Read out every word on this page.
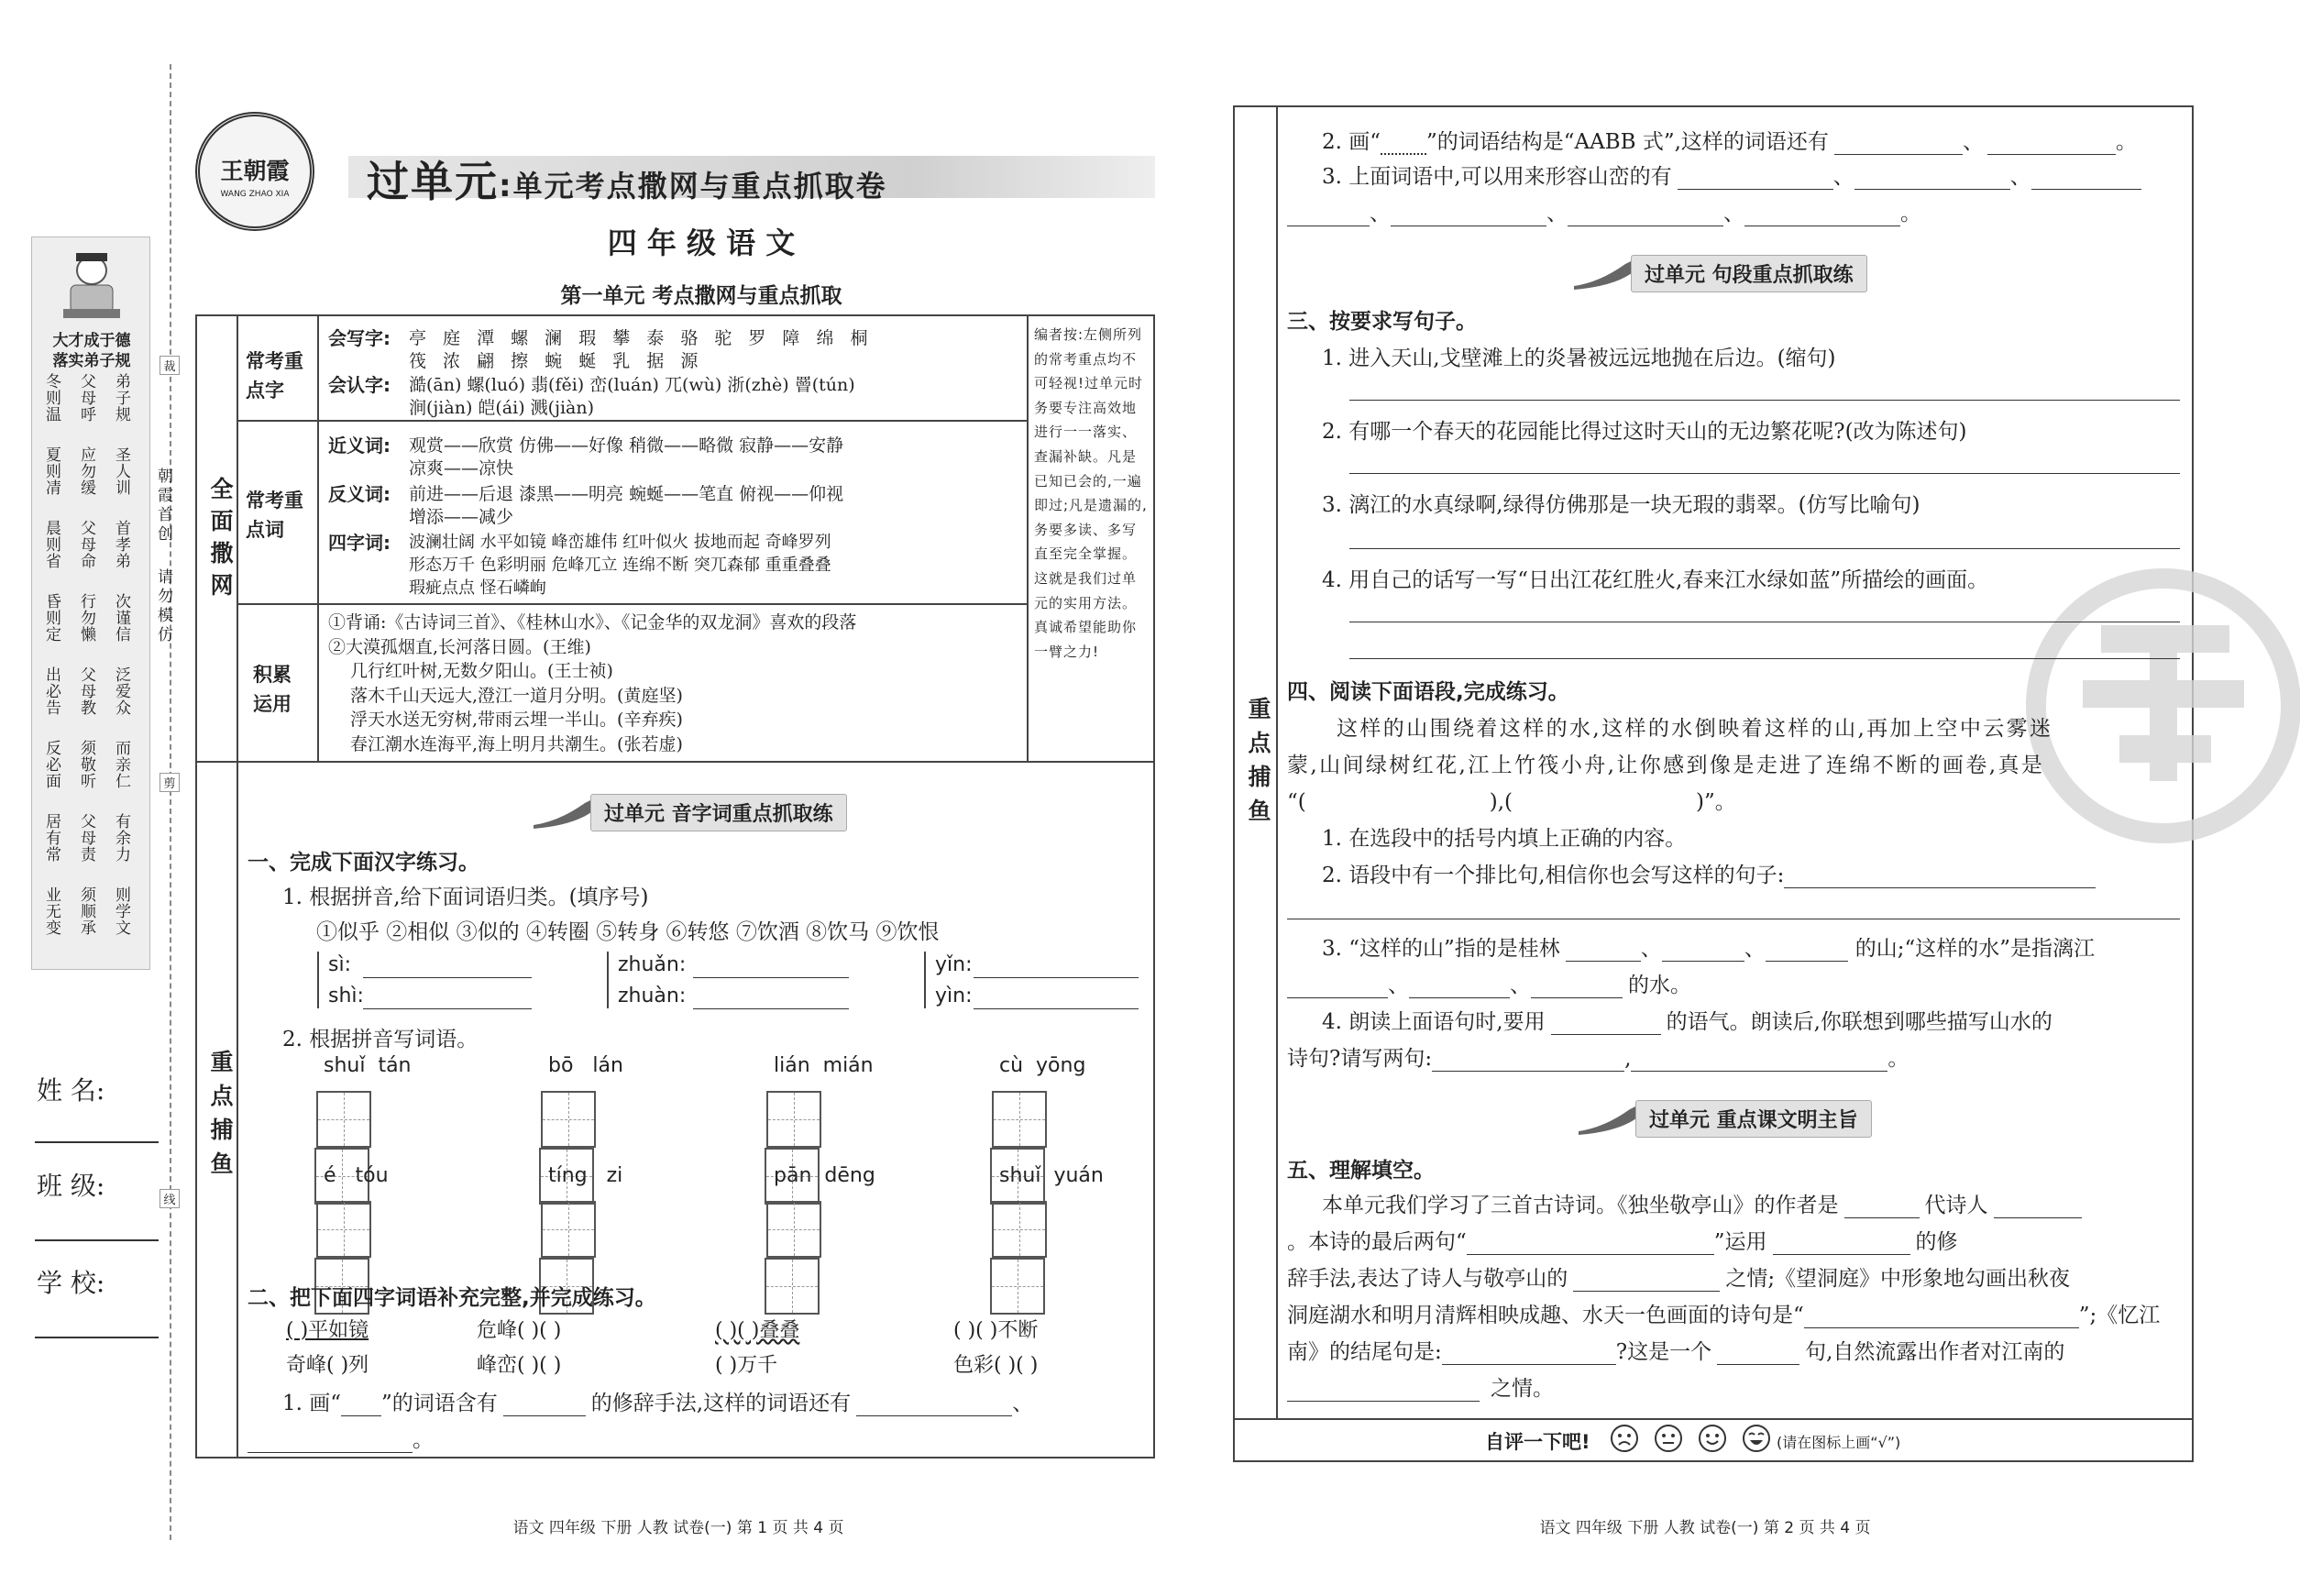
大才成于德
落实弟子规
冬则温 父母呼 弟子规
夏则凊 应勿缓 圣人训
晨则省 父母命 首孝弟
昏则定 行勿懒 次谨信
出必告 父母教 泛爱众
反必面 须敬听 而亲仁
居有常 父母责 有余力
业无变 须顺承 则学文
朝霞首创
请勿模仿
裁
剪
线
姓 名:
班 级:
学 校:
王朝霞
WANG ZHAO XIA	过单元:单元考点撒网与重点抓取卷
四 年 级 语 文
第一单元 考点撒网与重点抓取
全面撒网
重点捕鱼
常考重点字
会写字: 亭 庭 潭 螺 澜 瑕 攀 泰 骆 驼 罗 障 绵 桐
筏 浓 翩 擦 蜿 蜒 乳 据 源
会认字: 澔(ān) 螺(luó) 翡(fěi) 峦(luán) 兀(wù) 浙(zhè) 罾(tún)
涧(jiàn) 皑(ái) 溅(jiàn)
常考重点词
近义词: 观赏——欣赏 仿佛——好像 稍微——略微 寂静——安静
凉爽——凉快
反义词: 前进——后退 漆黑——明亮 蜿蜒——笔直 俯视——仰视
增添——减少
四字词: 波澜壮阔 水平如镜 峰峦雄伟 红叶似火 拔地而起 奇峰罗列
形态万千 色彩明丽 危峰兀立 连绵不断 突兀森郁 重重叠叠
瑕疵点点 怪石嶙峋
积累运用
①背诵:《古诗词三首》、《桂林山水》、《记金华的双龙洞》喜欢的段落
②大漠孤烟直,长河落日圆。(王维)
几行红叶树,无数夕阳山。(王士祯)
落木千山天远大,澄江一道月分明。(黄庭坚)
浮天水送无穷树,带雨云埋一半山。(辛弃疾)
春江潮水连海平,海上明月共潮生。(张若虚)
编者按:左侧所列的常考重点均不可轻视!过单元时务要专注高效地进行一一落实、查漏补缺。凡是已知已会的,一遍即过;凡是遗漏的,务要多读、多写直至完全掌握。这就是我们过单元的实用方法。真诚希望能助你一臂之力!
过单元 音字词重点抓取练
一、完成下面汉字练习。
1. 根据拼音,给下面词语归类。(填序号)
①似乎 ②相似 ③似的 ④转圈 ⑤转身 ⑥转悠 ⑦饮酒 ⑧饮马 ⑨饮恨
sì:
shì:
zhuǎn:
zhuàn:
yǐn:
yìn:
2. 根据拼音写词语。
shuǐ  tán	bō   lán	lián  mián	cù  yōng
é   tóu	tíng   zi	pān  dēng	shuǐ  yuán
二、把下面四字词语补充完整,并完成练习。
( )平如镜	危峰( )( )	( )( )叠叠	( )( )不断
奇峰( )列	峰峦( )( )	( )万千	色彩( )( )
1. 画“ ”的词语含有	的修辞手法,这样的词语还有	、
。
语文 四年级 下册 人教 试卷(一) 第 1 页 共 4 页
重点捕鱼
2. 画“ ”的词语结构是“AABB 式”,这样的词语还有	、	。
3. 上面词语中,可以用来形容山峦的有	、	、
、	、	、	。
过单元 句段重点抓取练
三、按要求写句子。
1. 进入天山,戈壁滩上的炎暑被远远地抛在后边。(缩句)
2. 有哪一个春天的花园能比得过这时天山的无边繁花呢?(改为陈述句)
3. 漓江的水真绿啊,绿得仿佛那是一块无瑕的翡翠。(仿写比喻句)
4. 用自己的话写一写“日出江花红胜火,春来江水绿如蓝”所描绘的画面。
四、阅读下面语段,完成练习。
这样的山围绕着这样的水,这样的水倒映着这样的山,再加上空中云雾迷
蒙,山间绿树红花,江上竹筏小舟,让你感到像是走进了连绵不断的画卷,真是
“(	),(	)”。
1. 在选段中的括号内填上正确的内容。
2. 语段中有一个排比句,相信你也会写这样的句子:
3. “这样的山”指的是桂林	、	、	的山;“这样的水”是指漓江
、	、	的水。
4. 朗读上面语句时,要用	的语气。朗读后,你联想到哪些描写山水的
诗句?请写两句:	,	。
过单元 重点课文明主旨
五、理解填空。
本单元我们学习了三首古诗词。《独坐敬亭山》的作者是	代诗人
。本诗的最后两句“	”运用	的修
辞手法,表达了诗人与敬亭山的	之情;《望洞庭》中形象地勾画出秋夜
洞庭湖水和明月清辉相映成趣、水天一色画面的诗句是“	”;《忆江
南》的结尾句是:	?这是一个	句,自然流露出作者对江南的
之情。
自评一下吧!	(请在图标上画“√”)
语文 四年级 下册 人教 试卷(一) 第 2 页 共 4 页
